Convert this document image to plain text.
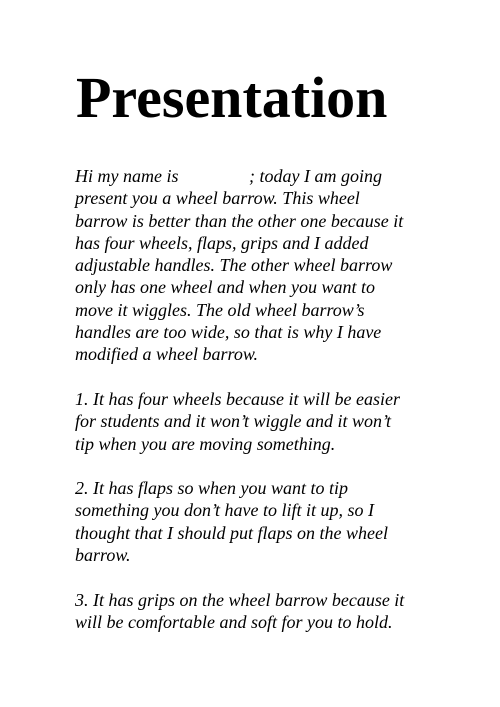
Presentation

Hi my name is	; today I am going
present you a wheel barrow. This wheel
barrow is better than the other one because it
has four wheels, flaps, grips and I added
adjustable handles. The other wheel barrow
only has one wheel and when you want to
move it wiggles. The old wheel barrow’s
handles are too wide, so that is why I have
modified a wheel barrow.

1. It has four wheels because it will be easier
for students and it won’t wiggle and it won’t
tip when you are moving something.

2. It has flaps so when you want to tip
something you don’t have to lift it up, so I
thought that I should put flaps on the wheel
barrow.

3. It has grips on the wheel barrow because it
will be comfortable and soft for you to hold.
